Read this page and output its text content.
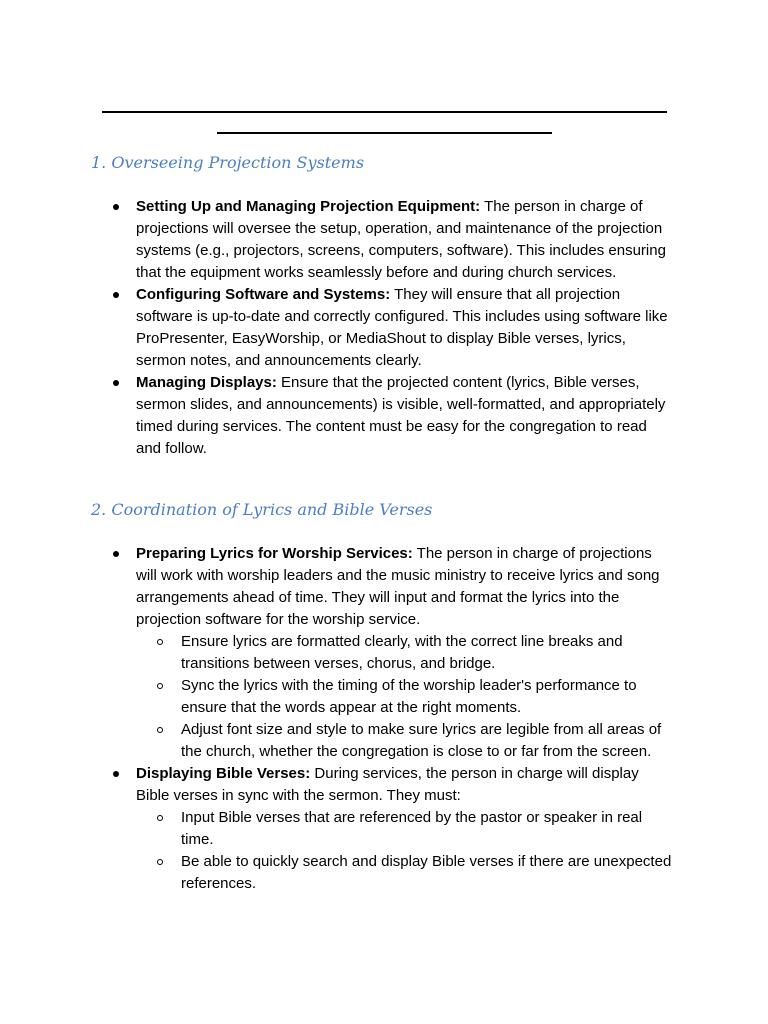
1. Overseeing Projection Systems
Setting Up and Managing Projection Equipment: The person in charge of projections will oversee the setup, operation, and maintenance of the projection systems (e.g., projectors, screens, computers, software). This includes ensuring that the equipment works seamlessly before and during church services.
Configuring Software and Systems: They will ensure that all projection software is up-to-date and correctly configured. This includes using software like ProPresenter, EasyWorship, or MediaShout to display Bible verses, lyrics, sermon notes, and announcements clearly.
Managing Displays: Ensure that the projected content (lyrics, Bible verses, sermon slides, and announcements) is visible, well-formatted, and appropriately timed during services. The content must be easy for the congregation to read and follow.
2. Coordination of Lyrics and Bible Verses
Preparing Lyrics for Worship Services: The person in charge of projections will work with worship leaders and the music ministry to receive lyrics and song arrangements ahead of time. They will input and format the lyrics into the projection software for the worship service.
Ensure lyrics are formatted clearly, with the correct line breaks and transitions between verses, chorus, and bridge.
Sync the lyrics with the timing of the worship leader's performance to ensure that the words appear at the right moments.
Adjust font size and style to make sure lyrics are legible from all areas of the church, whether the congregation is close to or far from the screen.
Displaying Bible Verses: During services, the person in charge will display Bible verses in sync with the sermon. They must:
Input Bible verses that are referenced by the pastor or speaker in real time.
Be able to quickly search and display Bible verses if there are unexpected references.
